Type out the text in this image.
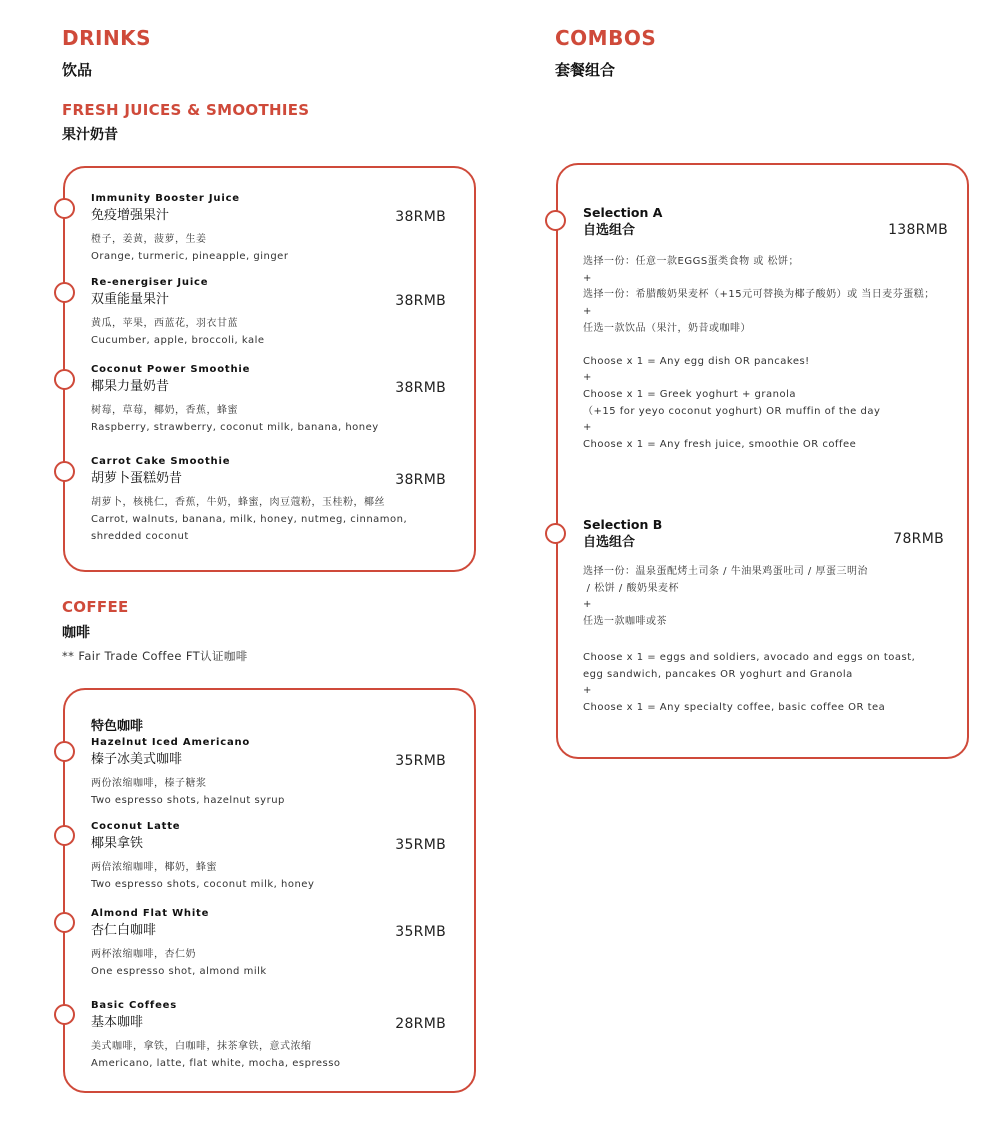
DRINKS
饮品
FRESH JUICES & SMOOTHIES
果汁奶昔
Immunity Booster Juice
免疫增强果汁	38RMB
橙子，姜黄，菠萝，生姜
Orange, turmeric, pineapple, ginger
Re-energiser Juice
双重能量果汁	38RMB
黄瓜，苹果，西蓝花，羽衣甘蓝
Cucumber, apple, broccoli, kale
Coconut Power Smoothie
椰果力量奶昔	38RMB
树莓，草莓，椰奶，香蕉，蜂蜜
Raspberry, strawberry, coconut milk, banana, honey
Carrot Cake Smoothie
胡萝卜蛋糕奶昔	38RMB
胡萝卜，核桃仁，香蕉，牛奶，蜂蜜，肉豆蔻粉，玉桂粉，椰丝
Carrot, walnuts, banana, milk, honey, nutmeg, cinnamon, shredded coconut
COFFEE
咖啡
** Fair Trade Coffee FT认证咖啡
特色咖啡
Hazelnut Iced Americano
榛子冰美式咖啡	35RMB
两份浓缩咖啡，榛子糖浆
Two espresso shots, hazelnut syrup
Coconut Latte
椰果拿铁	35RMB
两倍浓缩咖啡，椰奶，蜂蜜
Two espresso shots, coconut milk, honey
Almond Flat White
杏仁白咖啡	35RMB
两杯浓缩咖啡，杏仁奶
One espresso shot, almond milk
Basic Coffees
基本咖啡	28RMB
美式咖啡，拿铁，白咖啡，抹茶拿铁，意式浓缩
Americano, latte, flat white, mocha, espresso
COMBOS
套餐组合
Selection A
自选组合	138RMB
选择一份：任意一款EGGS蛋类食物 或 松饼；
+
选择一份：希腊酸奶果麦杯（+15元可替换为椰子酸奶）或 当日麦芬蛋糕；
+
任选一款饮品（果汁，奶昔或咖啡）
Choose x 1 = Any egg dish OR pancakes!
+
Choose x 1 = Greek yoghurt + granola
（+15 for yeyo coconut yoghurt) OR muffin of the day
+
Choose x 1 = Any fresh juice, smoothie OR coffee
Selection B
自选组合	78RMB
选择一份：温泉蛋配烤土司条 / 牛油果鸡蛋吐司 / 厚蛋三明治
/ 松饼 / 酸奶果麦杯
+
任选一款咖啡或茶
Choose x 1 = eggs and soldiers, avocado and eggs on toast,
egg sandwich, pancakes OR yoghurt and Granola
+
Choose x 1 = Any specialty coffee, basic coffee OR tea
